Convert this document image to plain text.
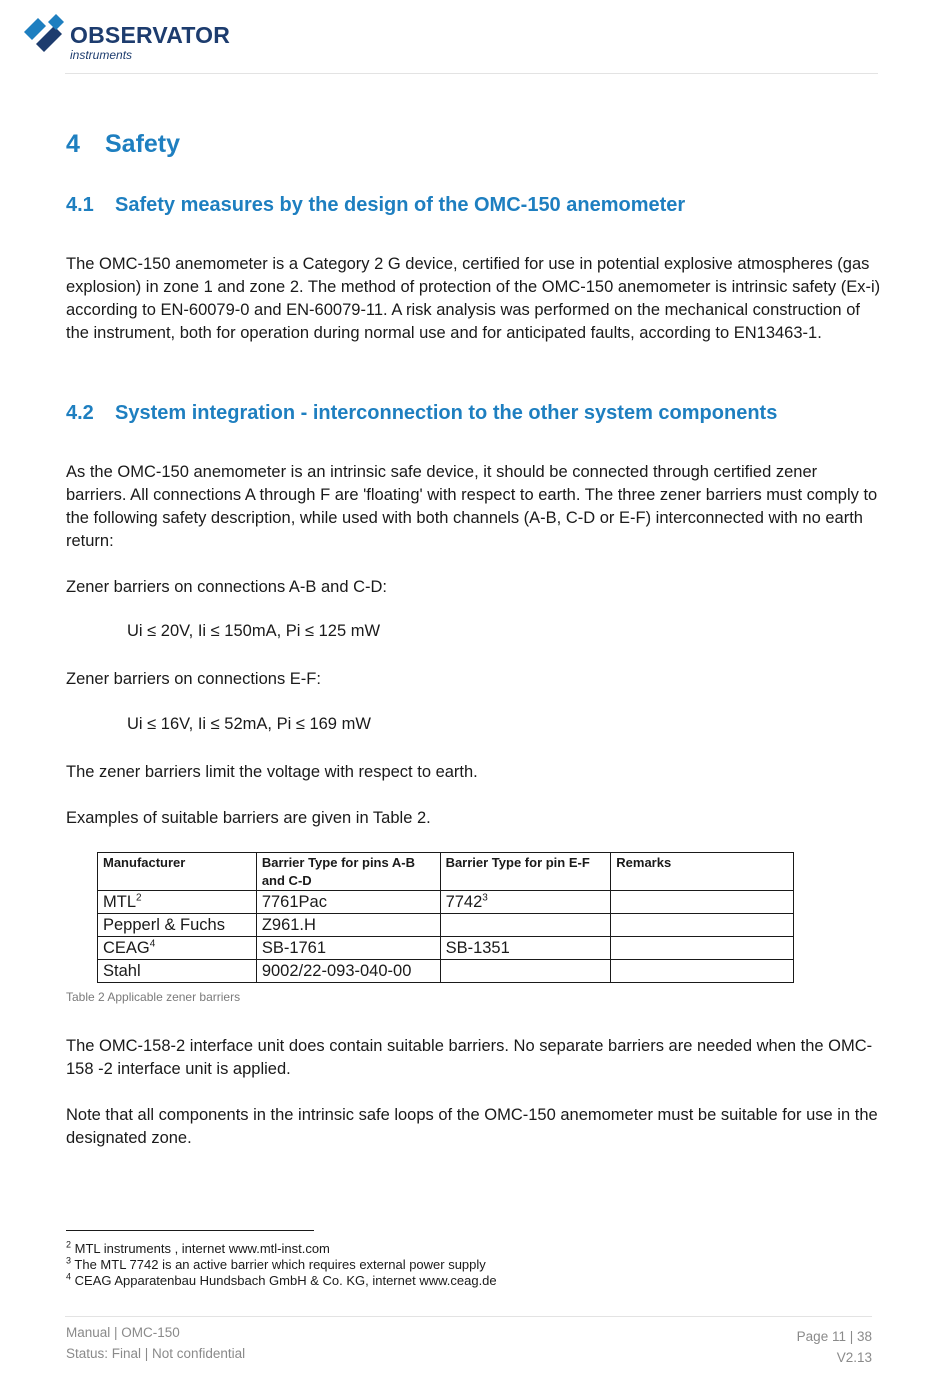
OBSERVATOR
instruments
4 Safety
4.1 Safety measures by the design of the OMC-150 anemometer

The OMC-150 anemometer is a Category 2 G device, certified for use in potential explosive atmospheres (gas explosion) in zone 1 and zone 2. The method of protection of the OMC-150 anemometer is intrinsic safety (Ex-i) according to EN-60079-0 and EN-60079-11. A risk analysis was performed on the mechanical construction of the instrument, both for operation during normal use and for anticipated faults, according to EN13463-1.

4.2 System integration - interconnection to the other system components

As the OMC-150 anemometer is an intrinsic safe device, it should be connected through certified zener barriers. All connections A through F are 'floating' with respect to earth. The three zener barriers must comply to the following safety description, while used with both channels (A-B, C-D or E-F) interconnected with no earth return:

Zener barriers on connections A-B and C-D:

Ui ≤ 20V, Ii ≤ 150mA, Pi ≤ 125 mW

Zener barriers on connections E-F:

Ui ≤ 16V, Ii ≤ 52mA, Pi ≤ 169 mW

The zener barriers limit the voltage with respect to earth.

Examples of suitable barriers are given in Table 2.

Manufacturer	Barrier Type for pins A-B and C-D	Barrier Type for pin E-F	Remarks
MTL$^2$	7761Pac	7742$^3$	
Pepperl & Fuchs	Z961.H		
CEAG$^4$	SB-1761	SB-1351	
Stahl	9002/22-093-040-00		
Table 2 Applicable zener barriers

The OMC-158-2 interface unit does contain suitable barriers. No separate barriers are needed when the OMC-158 -2 interface unit is applied.

Note that all components in the intrinsic safe loops of the OMC-150 anemometer must be suitable for use in the designated zone.

$^2$ MTL instruments , internet www.mtl-inst.com
$^3$ The MTL 7742 is an active barrier which requires external power supply
$^4$ CEAG Apparatenbau Hundsbach GmbH & Co. KG, internet www.ceag.de
Manual | OMC-150
Status: Final | Not confidential
Page 11 | 38
V2.13
